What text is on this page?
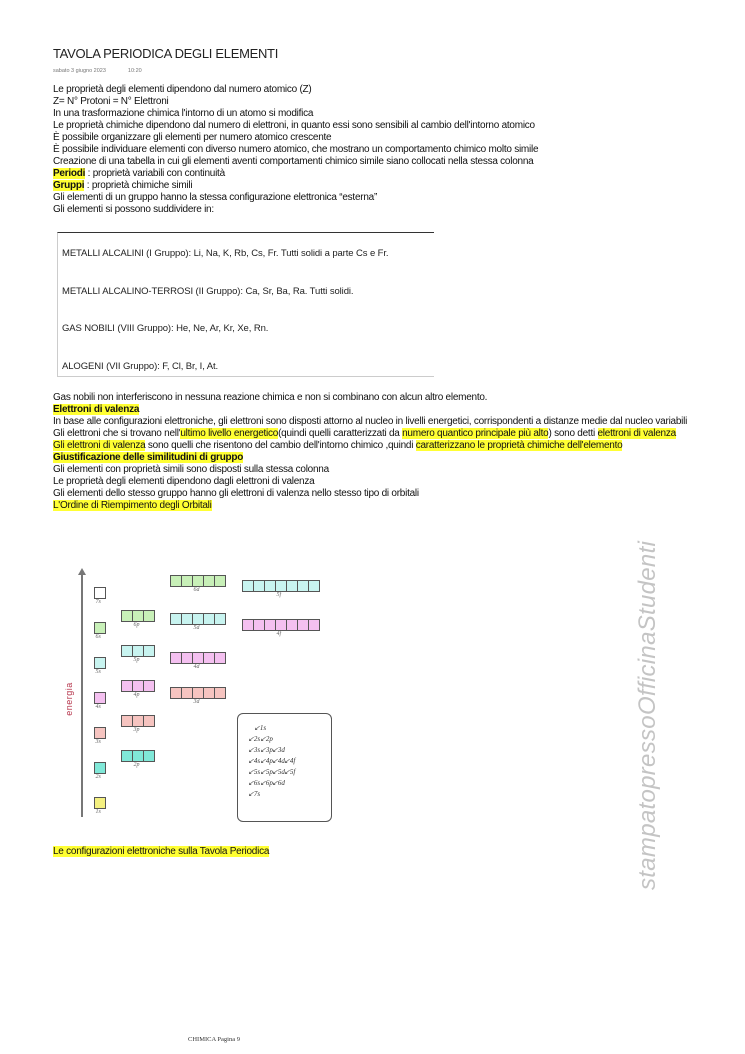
TAVOLA PERIODICA DEGLI ELEMENTI
sabato 3 giugno 2023	10:20
Le proprietà degli elementi dipendono dal numero atomico (Z)
Z= N° Protoni = N° Elettroni
In una trasformazione chimica l'intorno di un atomo si modifica
Le proprietà chimiche dipendono dal numero di elettroni, in quanto essi sono sensibili al cambio dell'intorno atomico
È possibile organizzare gli elementi per numero atomico crescente
È possibile individuare elementi con diverso numero atomico, che mostrano un comportamento chimico molto simile
Creazione di una tabella in cui gli elementi aventi comportamenti chimico simile siano collocati nella stessa colonna
Periodi : proprietà variabili con continuità
Gruppi : proprietà chimiche simili
Gli elementi di un gruppo hanno la stessa configurazione elettronica “esterna”
Gli elementi si possono suddividere in:
METALLI ALCALINI (I Gruppo): Li, Na, K, Rb, Cs, Fr. Tutti solidi a parte Cs e Fr.
METALLI ALCALINO-TERROSI (II Gruppo): Ca, Sr, Ba, Ra. Tutti solidi.
GAS NOBILI (VIII Gruppo): He, Ne, Ar, Kr, Xe, Rn.
ALOGENI (VII Gruppo): F, Cl, Br, I, At.
Gas nobili non interferiscono in nessuna reazione chimica e non si combinano con alcun altro elemento.
Elettroni di valenza
In base alle configurazioni elettroniche, gli elettroni sono disposti attorno al nucleo in livelli energetici, corrispondenti a distanze medie dal nucleo variabili
Gli elettroni che si trovano nell'ultimo livello energetico(quindi quelli caratterizzati da numero quantico principale più alto) sono detti elettroni di valenza
Gli elettroni di valenza sono quelli che risentono del cambio dell'intorno chimico ,quindi caratterizzano le proprietà chimiche dell'elemento
Giustificazione delle similitudini di gruppo
Gli elementi con proprietà simili sono disposti sulla stessa colonna
Le proprietà degli elementi dipendono dagli elettroni di valenza
Gli elementi dello stesso gruppo hanno gli elettroni di valenza nello stesso tipo di orbitali
L'Ordine di Riempimento degli Orbitali
energia
↙1s
↙2s ↙2p
↙3s ↙3p ↙3d
↙4s ↙4p ↙4d ↙4f
↙5s ↙5p ↙5d ↙5f
↙6s ↙6p ↙6d
↙7s
7s
6s
5s
4s
3s
2s
1s
6p
5p
4p
3p
2p
6d
5d
4d
3d
5f
4f
Le configurazioni elettroniche sulla Tavola Periodica	stampatopressoOfficinaStudenti
CHIMICA Pagina 9
